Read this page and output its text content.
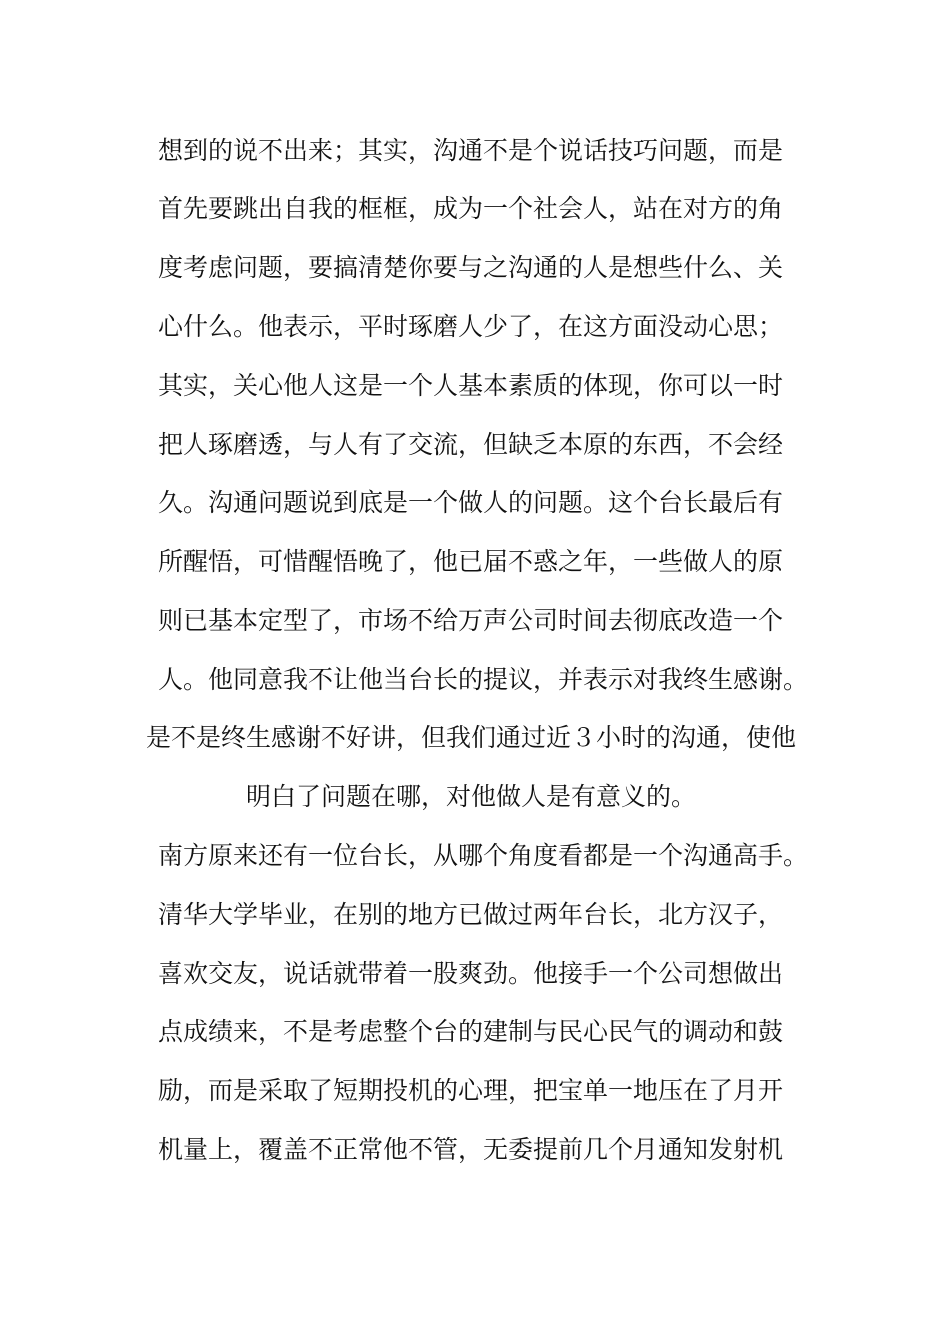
想到的说不出来；其实，沟通不是个说话技巧问题，而是
首先要跳出自我的框框，成为一个社会人，站在对方的角
度考虑问题，要搞清楚你要与之沟通的人是想些什么、关
心什么。他表示，平时琢磨人少了，在这方面没动心思；
其实，关心他人这是一个人基本素质的体现，你可以一时
把人琢磨透，与人有了交流，但缺乏本原的东西，不会经
久。沟通问题说到底是一个做人的问题。这个台长最后有
所醒悟，可惜醒悟晚了，他已届不惑之年，一些做人的原
则已基本定型了，市场不给万声公司时间去彻底改造一个
人。他同意我不让他当台长的提议，并表示对我终生感谢。
是不是终生感谢不好讲，但我们通过近３小时的沟通，使他
明白了问题在哪，对他做人是有意义的。
南方原来还有一位台长，从哪个角度看都是一个沟通高手。
清华大学毕业，在别的地方已做过两年台长，北方汉子，
喜欢交友，说话就带着一股爽劲。他接手一个公司想做出
点成绩来，不是考虑整个台的建制与民心民气的调动和鼓
励，而是采取了短期投机的心理，把宝单一地压在了月开
机量上，覆盖不正常他不管，无委提前几个月通知发射机
